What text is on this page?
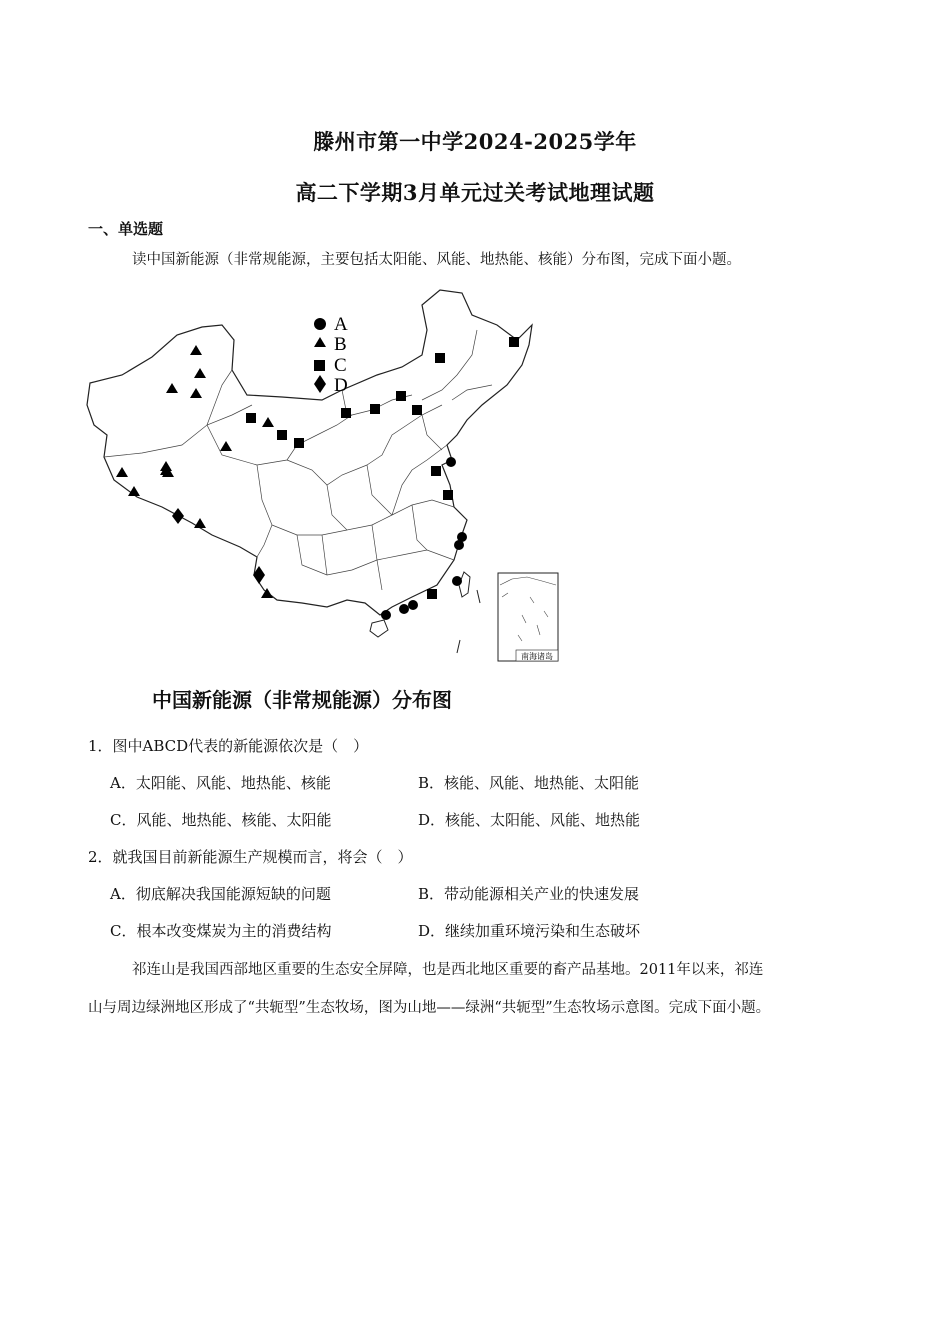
滕州市第一中学2024-2025学年
高二下学期3月单元过关考试地理试题
一、单选题
读中国新能源（非常规能源，主要包括太阳能、风能、地热能、核能）分布图，完成下面小题。
南海诸岛
A
B
C
D
中国新能源（非常规能源）分布图
1．图中ABCD代表的新能源依次是（　）
A．太阳能、风能、地热能、核能	B．核能、风能、地热能、太阳能
C．风能、地热能、核能、太阳能	D．核能、太阳能、风能、地热能
2．就我国目前新能源生产规模而言，将会（　）
A．彻底解决我国能源短缺的问题	B．带动能源相关产业的快速发展
C．根本改变煤炭为主的消费结构	D．继续加重环境污染和生态破坏
祁连山是我国西部地区重要的生态安全屏障，也是西北地区重要的畜产品基地。2011年以来，祁连
山与周边绿洲地区形成了“共轭型”生态牧场，图为山地——绿洲“共轭型”生态牧场示意图。完成下面小题。
